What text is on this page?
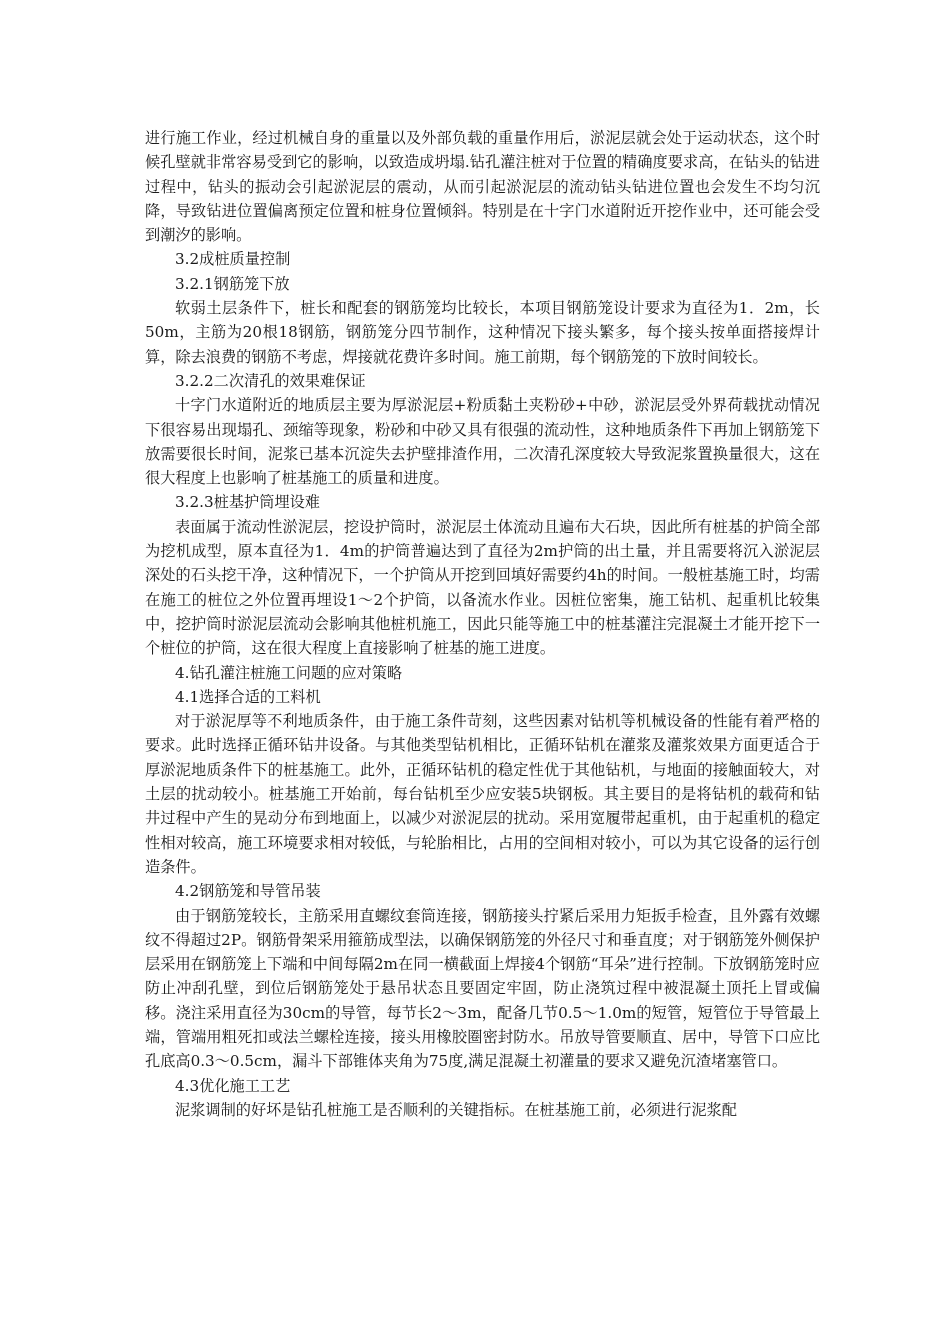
进行施工作业，经过机械自身的重量以及外部负载的重量作用后，淤泥层就会处于运动状态，这个时候孔壁就非常容易受到它的影响，以致造成坍塌.钻孔灌注桩对于位置的精确度要求高，在钻头的钻进过程中，钻头的振动会引起淤泥层的震动，从而引起淤泥层的流动钻头钻进位置也会发生不均匀沉降，导致钻进位置偏离预定位置和桩身位置倾斜。特别是在十字门水道附近开挖作业中，还可能会受到潮汐的影响。

3.2成桩质量控制

3.2.1钢筋笼下放

软弱土层条件下，桩长和配套的钢筋笼均比较长，本项目钢筋笼设计要求为直径为1．2m，长50m，主筋为20根18钢筋，钢筋笼分四节制作，这种情况下接头繁多，每个接头按单面搭接焊计算，除去浪费的钢筋不考虑，焊接就花费许多时间。施工前期，每个钢筋笼的下放时间较长。

3.2.2二次清孔的效果难保证

十字门水道附近的地质层主要为厚淤泥层+粉质黏土夹粉砂+中砂，淤泥层受外界荷载扰动情况下很容易出现塌孔、颈缩等现象，粉砂和中砂又具有很强的流动性，这种地质条件下再加上钢筋笼下放需要很长时间，泥浆已基本沉淀失去护壁排渣作用，二次清孔深度较大导致泥浆置换量很大，这在很大程度上也影响了桩基施工的质量和进度。

3.2.3桩基护筒埋设难

表面属于流动性淤泥层，挖设护筒时，淤泥层土体流动且遍布大石块，因此所有桩基的护筒全部为挖机成型，原本直径为1．4m的护筒普遍达到了直径为2m护筒的出土量，并且需要将沉入淤泥层深处的石头挖干净，这种情况下，一个护筒从开挖到回填好需要约4h的时间。一般桩基施工时，均需在施工的桩位之外位置再埋设1～2个护筒，以备流水作业。因桩位密集，施工钻机、起重机比较集中，挖护筒时淤泥层流动会影响其他桩机施工，因此只能等施工中的桩基灌注完混凝土才能开挖下一个桩位的护筒，这在很大程度上直接影响了桩基的施工进度。

4.钻孔灌注桩施工问题的应对策略

4.1选择合适的工料机

对于淤泥厚等不利地质条件，由于施工条件苛刻，这些因素对钻机等机械设备的性能有着严格的要求。此时选择正循环钻井设备。与其他类型钻机相比，正循环钻机在灌浆及灌浆效果方面更适合于厚淤泥地质条件下的桩基施工。此外，正循环钻机的稳定性优于其他钻机，与地面的接触面较大，对土层的扰动较小。桩基施工开始前，每台钻机至少应安装5块钢板。其主要目的是将钻机的载荷和钻井过程中产生的晃动分布到地面上，以减少对淤泥层的扰动。采用宽履带起重机，由于起重机的稳定性相对较高，施工环境要求相对较低，与轮胎相比，占用的空间相对较小，可以为其它设备的运行创造条件。

4.2钢筋笼和导管吊装

由于钢筋笼较长，主筋采用直螺纹套筒连接，钢筋接头拧紧后采用力矩扳手检查，且外露有效螺纹不得超过2P。钢筋骨架采用箍筋成型法，以确保钢筋笼的外径尺寸和垂直度；对于钢筋笼外侧保护层采用在钢筋笼上下端和中间每隔2m在同一横截面上焊接4个钢筋“耳朵”进行控制。下放钢筋笼时应防止冲刮孔壁，到位后钢筋笼处于悬吊状态且要固定牢固，防止浇筑过程中被混凝土顶托上冒或偏移。浇注采用直径为30cm的导管，每节长2～3m，配备几节0.5～1.0m的短管，短管位于导管最上端，管端用粗死扣或法兰螺栓连接，接头用橡胶圈密封防水。吊放导管要顺直、居中，导管下口应比孔底高0.3～0.5cm，漏斗下部锥体夹角为75度,满足混凝土初灌量的要求又避免沉渣堵塞管口。

4.3优化施工工艺

泥浆调制的好坏是钻孔桩施工是否顺利的关键指标。在桩基施工前，必须进行泥浆配
